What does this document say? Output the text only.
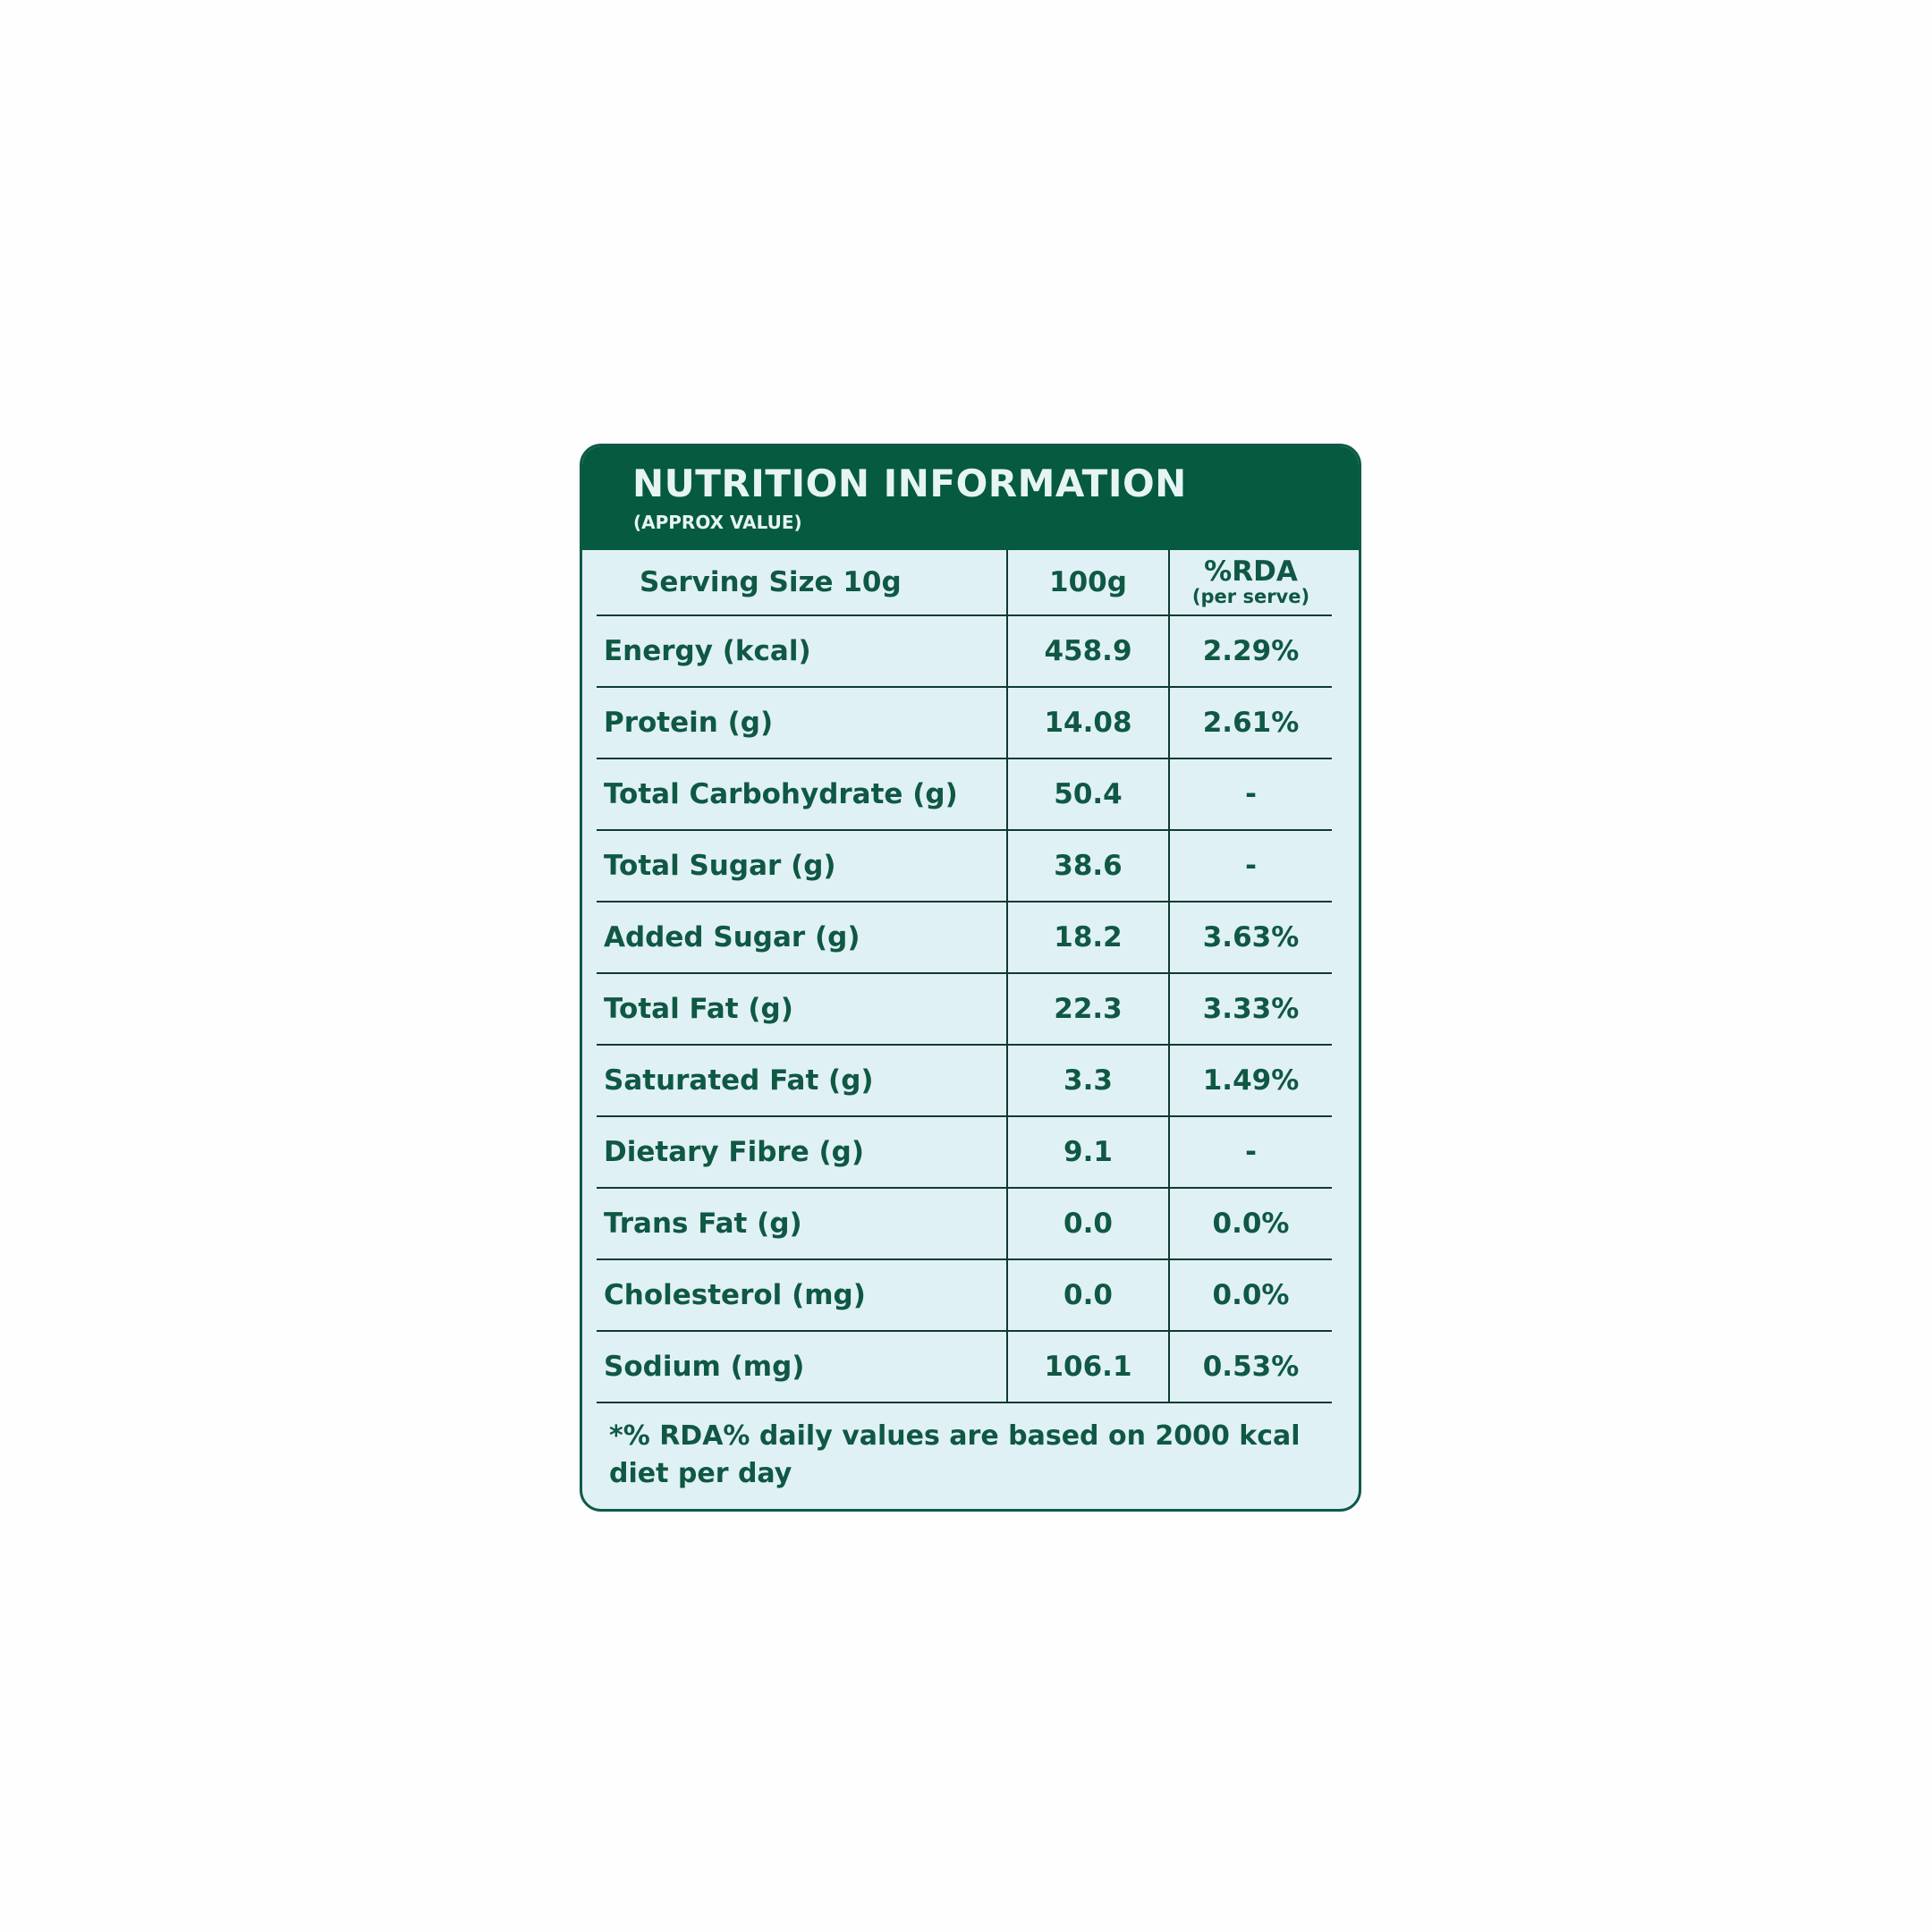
NUTRITION INFORMATION
(APPROX VALUE)
Serving Size 10g	100g	%RDA
(per serve)
Energy (kcal)	458.9	2.29%
Protein (g)	14.08	2.61%
Total Carbohydrate (g)	50.4	-
Total Sugar (g)	38.6	-
Added Sugar (g)	18.2	3.63%
Total Fat (g)	22.3	3.33%
Saturated Fat (g)	3.3	1.49%
Dietary Fibre (g)	9.1	-
Trans Fat (g)	0.0	0.0%
Cholesterol (mg)	0.0	0.0%
Sodium (mg)	106.1	0.53%
*% RDA% daily values are based on 2000 kcal diet per day
